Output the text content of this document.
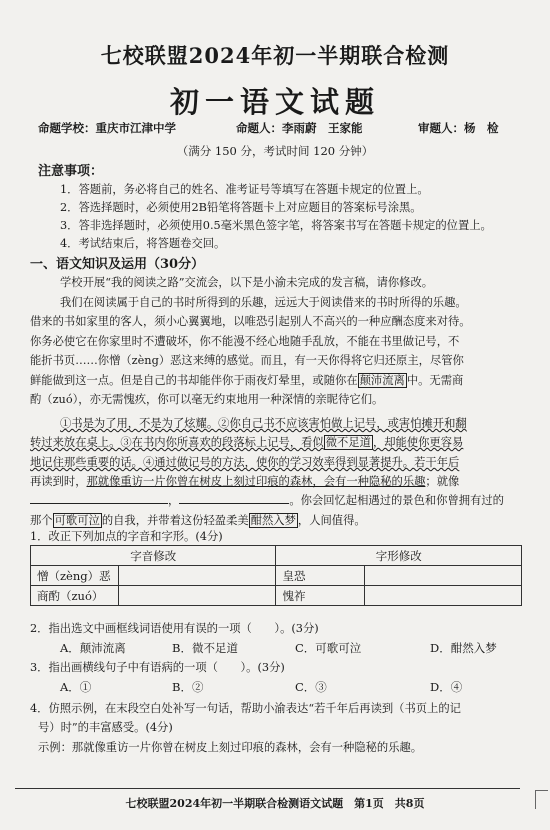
七校联盟2024年初一半期联合检测
初一语文试题
命题学校：重庆市江津中学	命题人：李雨蔚　王家能	审题人：杨　检
（满分 150 分，考试时间 120 分钟）
注意事项：
1．答题前，务必将自己的姓名、准考证号等填写在答题卡规定的位置上。
2．答选择题时，必须使用2B铅笔将答题卡上对应题目的答案标号涂黑。
3．答非选择题时，必须使用0.5毫米黑色签字笔，将答案书写在答题卡规定的位置上。
4．考试结束后，将答题卷交回。
一、语文知识及运用（30分）
学校开展“我的阅读之路”交流会，以下是小渝未完成的发言稿，请你修改。
我们在阅读属于自己的书时所得到的乐趣，远远大于阅读借来的书时所得的乐趣。
借来的书如家里的客人，须小心翼翼地，以唯恐引起别人不高兴的一种应酬态度来对待。
你务必使它在你家里时不遭破坏，你不能漫不经心地随手乱放，不能在书里做记号，不
能折书页……你憎（zèng）恶这来缚的感觉。而且，有一天你得将它归还原主，尽管你
鲜能做到这一点。但是自己的书却能伴你于雨夜灯晕里，或随你在 颠沛流离 中。无需商
酌（zuó），亦无需愧疚，你可以毫无约束地用一种深情的亲昵待它们。
①书是为了用，不是为了炫耀。②你自己书不应该害怕做上记号，或害怕摊开和翻
转过来放在桌上。③在书内你所喜欢的段落标上记号，看似 微不足道 ，却能使你更容易
地记住那些重要的话。④通过做记号的方法，使你的学习效率得到显著提升。若干年后
再读到时，那就像重访一片你曾在树皮上刻过印痕的森林，会有一种隐秘的乐趣；就像
，	。你会回忆起相遇过的景色和你曾拥有过的
那个 可歌可泣 的自我，并带着这份轻盈柔美 酣然入梦 ，人间值得。
1．改正下列加点的字音和字形。(4分)
字音修改		字形修改	
憎（zèng）恶		皇恐	
商酌（zuó）		愧祚	
2．指出选文中画框线词语使用有误的一项（　　）。(3分)
A．颠沛流离	B．微不足道	C．可歌可泣	D．酣然入梦
3．指出画横线句子中有语病的一项（　　）。(3分)
A．①	B．②	C．③	D．④
4．仿照示例，在末段空白处补写一句话，帮助小渝表达“若千年后再读到（书页上的记
号）时”的丰富感受。(4分)
示例：那就像重访一片你曾在树皮上刻过印痕的森林，会有一种隐秘的乐趣。
七校联盟2024年初一半期联合检测语文试题　第1页　共8页
